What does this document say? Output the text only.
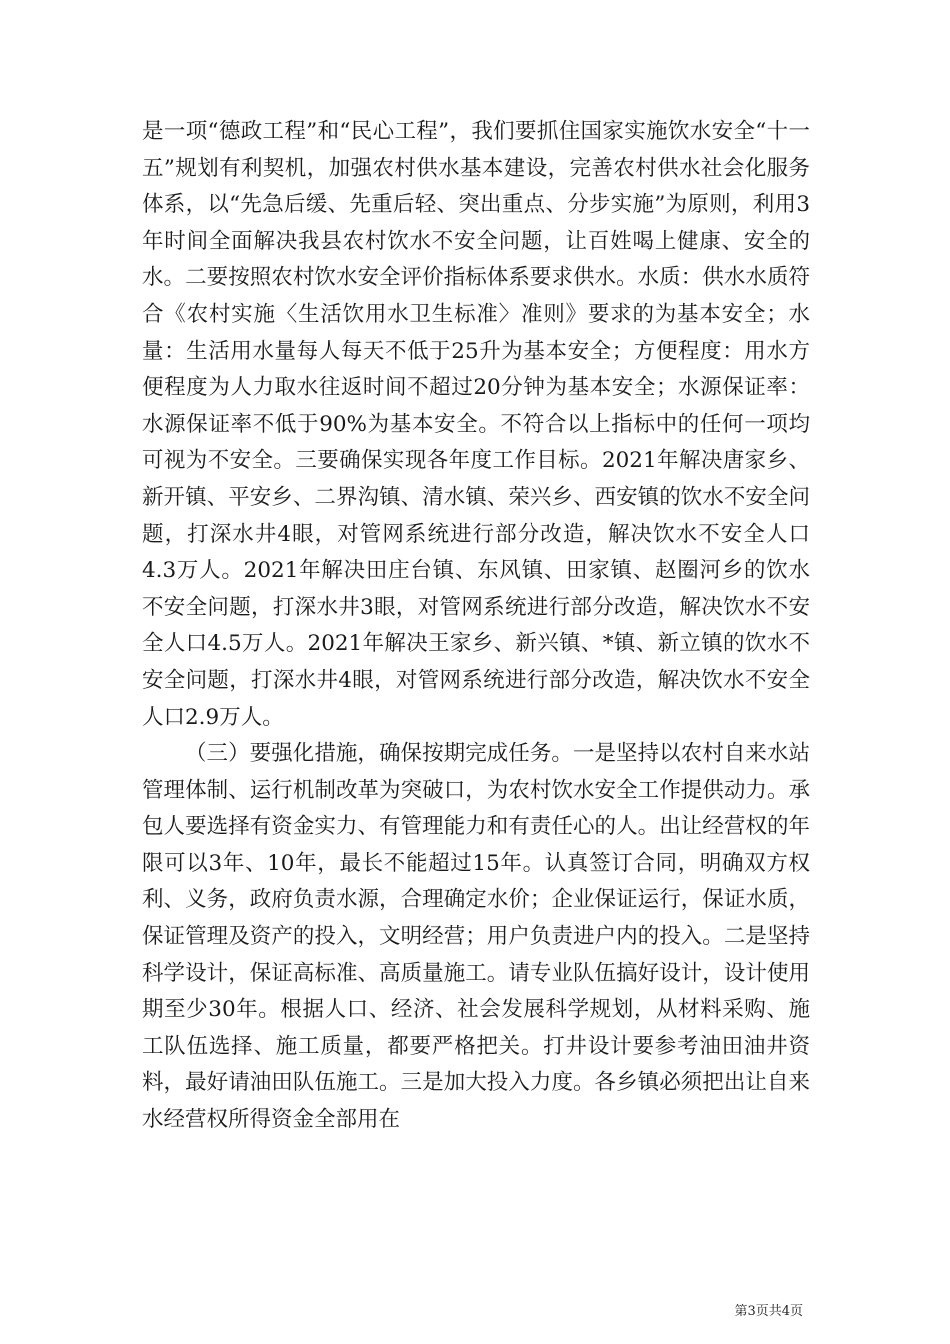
是一项“德政工程”和“民心工程”，我们要抓住国家实施饮水安全“十一五”规划有利契机，加强农村供水基本建设，完善农村供水社会化服务体系，以“先急后缓、先重后轻、突出重点、分步实施”为原则，利用3年时间全面解决我县农村饮水不安全问题，让百姓喝上健康、安全的水。二要按照农村饮水安全评价指标体系要求供水。水质：供水水质符合《农村实施〈生活饮用水卫生标准〉准则》要求的为基本安全；水量：生活用水量每人每天不低于25升为基本安全；方便程度：用水方便程度为人力取水往返时间不超过20分钟为基本安全；水源保证率：水源保证率不低于90%为基本安全。不符合以上指标中的任何一项均可视为不安全。三要确保实现各年度工作目标。2021年解决唐家乡、新开镇、平安乡、二界沟镇、清水镇、荣兴乡、西安镇的饮水不安全问题，打深水井4眼，对管网系统进行部分改造，解决饮水不安全人口4.3万人。2021年解决田庄台镇、东风镇、田家镇、赵圈河乡的饮水不安全问题，打深水井3眼，对管网系统进行部分改造，解决饮水不安全人口4.5万人。2021年解决王家乡、新兴镇、*镇、新立镇的饮水不安全问题，打深水井4眼，对管网系统进行部分改造，解决饮水不安全人口2.9万人。

（三）要强化措施，确保按期完成任务。一是坚持以农村自来水站管理体制、运行机制改革为突破口，为农村饮水安全工作提供动力。承包人要选择有资金实力、有管理能力和有责任心的人。出让经营权的年限可以3年、10年，最长不能超过15年。认真签订合同，明确双方权利、义务，政府负责水源，合理确定水价；企业保证运行，保证水质，保证管理及资产的投入，文明经营；用户负责进户内的投入。二是坚持科学设计，保证高标准、高质量施工。请专业队伍搞好设计，设计使用期至少30年。根据人口、经济、社会发展科学规划，从材料采购、施工队伍选择、施工质量，都要严格把关。打井设计要参考油田油井资料，最好请油田队伍施工。三是加大投入力度。各乡镇必须把出让自来水经营权所得资金全部用在

第3页共4页
